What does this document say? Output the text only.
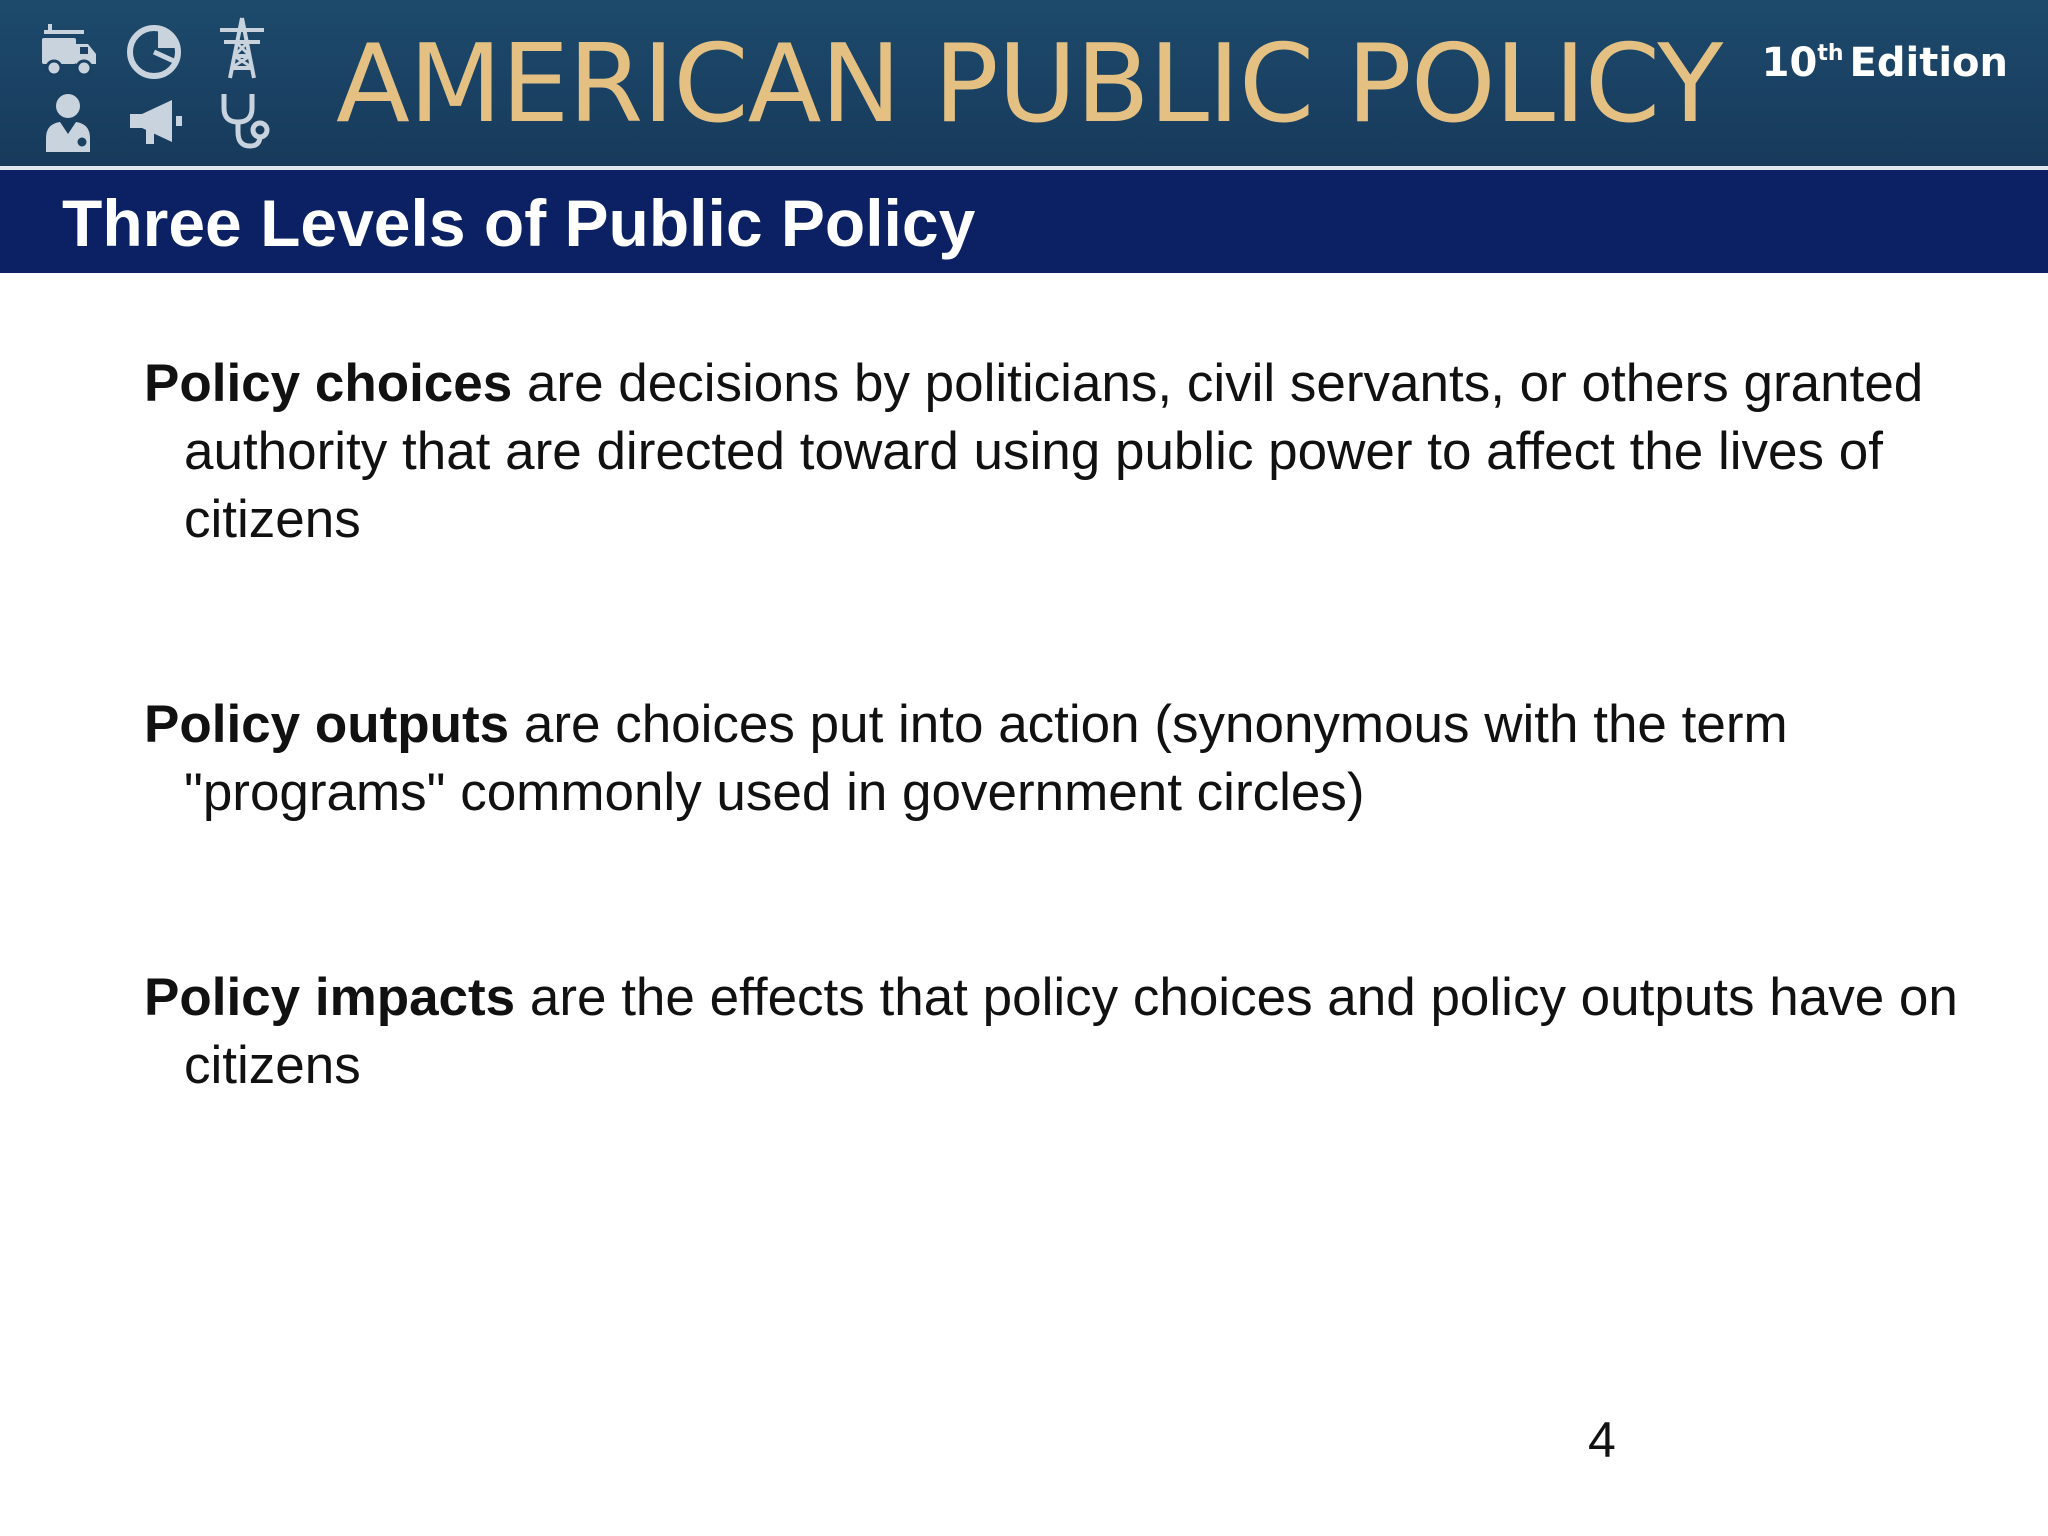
AMERICAN PUBLIC POLICY 10th Edition
Three Levels of Public Policy

Policy choices are decisions by politicians, civil servants, or others granted authority that are directed toward using public power to affect the lives of citizens

Policy outputs are choices put into action (synonymous with the term "programs" commonly used in government circles)

Policy impacts are the effects that policy choices and policy outputs have on citizens

4
